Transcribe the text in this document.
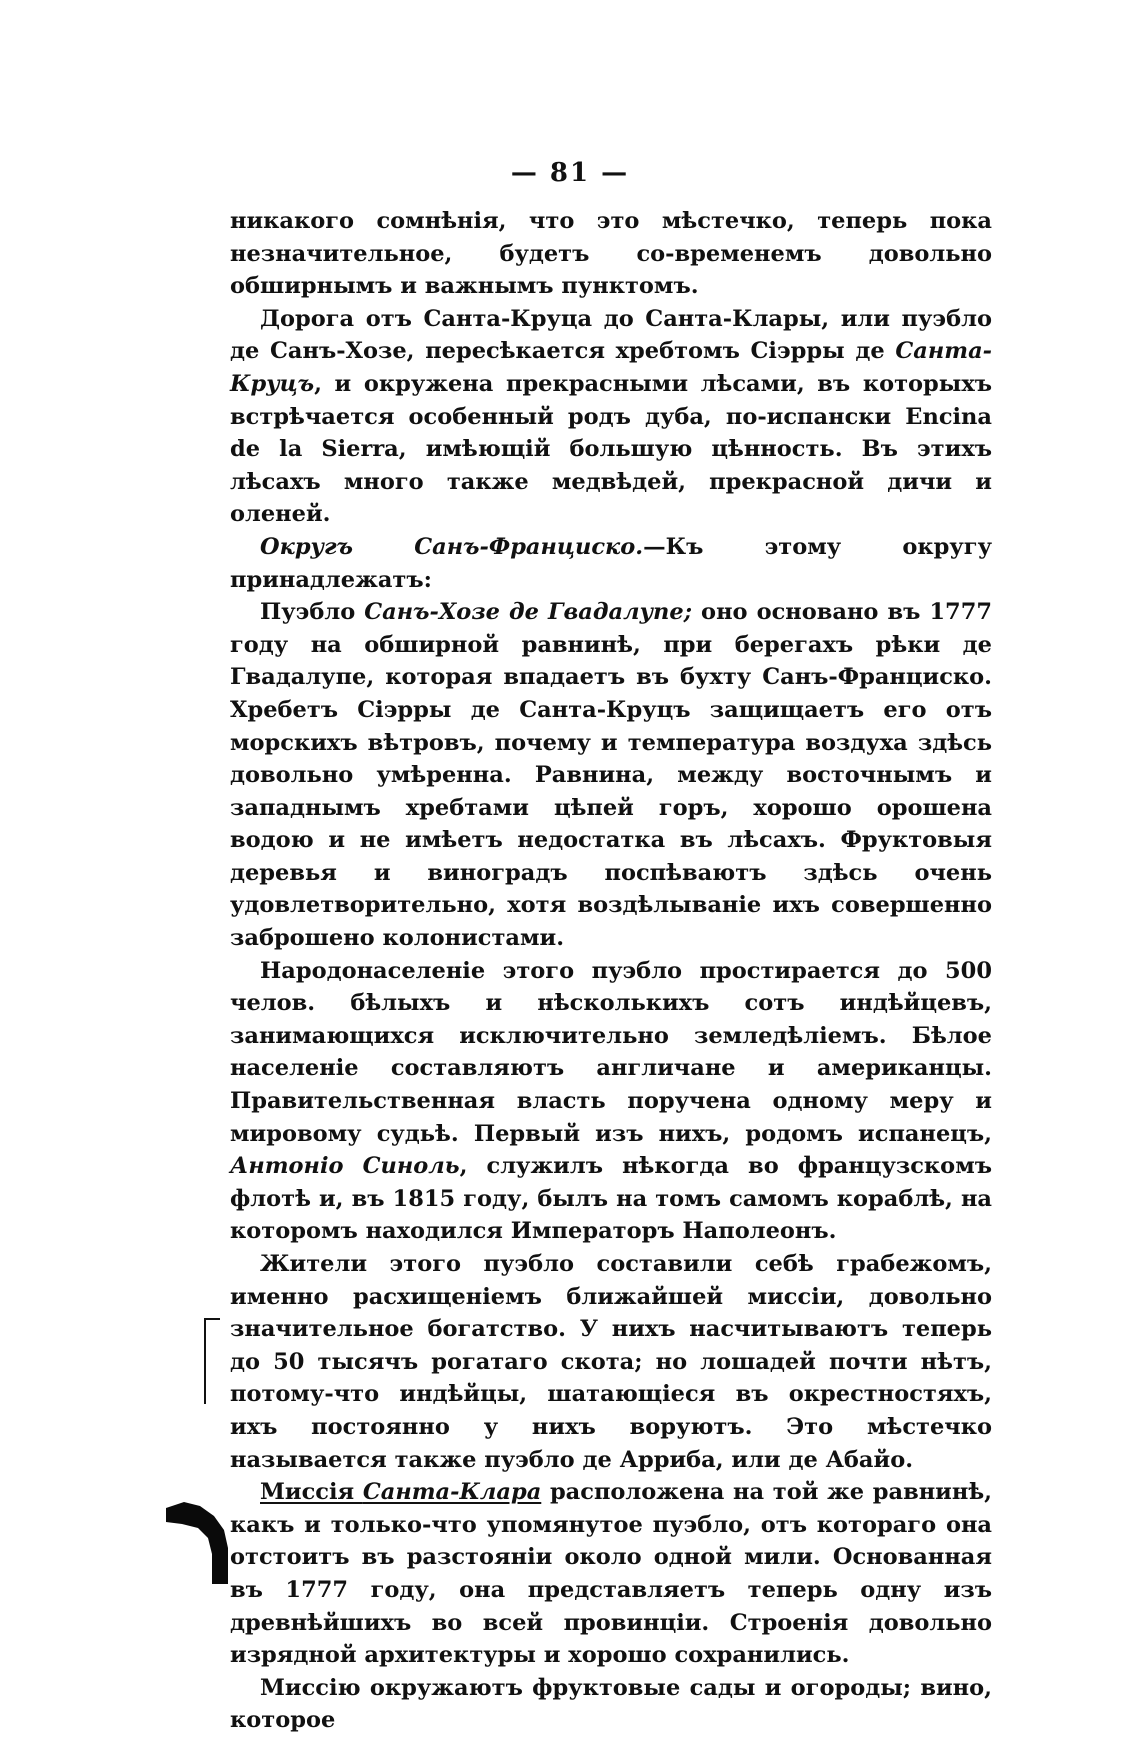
— 81 —

никакого сомнѣнія, что это мѣстечко, теперь пока незначительное, будетъ со-временемъ довольно обширнымъ и важнымъ пунктомъ.

Дорога отъ Санта-Круца до Санта-Клары, или пуэбло де Санъ-Хозе, пересѣкается хребтомъ Сіэрры де Санта-Круцъ, и окружена прекрасными лѣсами, въ которыхъ встрѣчается особенный родъ дуба, по-испански Encina de la Sierra, имѣющій большую цѣнность. Въ этихъ лѣсахъ много также медвѣдей, прекрасной дичи и оленей.

Округъ Санъ-Франциско.—Къ этому округу принадлежатъ:

Пуэбло Санъ-Хозе де Гвадалупе; оно основано въ 1777 году на обширной равнинѣ, при берегахъ рѣки де Гвадалупе, которая впадаетъ въ бухту Санъ-Франциско. Хребетъ Сіэрры де Санта-Круцъ защищаетъ его отъ морскихъ вѣтровъ, почему и температура воздуха здѣсь довольно умѣренна. Равнина, между восточнымъ и западнымъ хребтами цѣпей горъ, хорошо орошена водою и не имѣетъ недостатка въ лѣсахъ. Фруктовыя деревья и виноградъ поспѣваютъ здѣсь очень удовлетворительно, хотя воздѣлываніе ихъ совершенно заброшено колонистами.

Народонаселеніе этого пуэбло простирается до 500 челов. бѣлыхъ и нѣсколькихъ сотъ индѣйцевъ, занимающихся исключительно земледѣліемъ. Бѣлое населеніе составляютъ англичане и американцы. Правительственная власть поручена одному меру и мировому судьѣ. Первый изъ нихъ, родомъ испанецъ, Антоніо Синоль, служилъ нѣкогда во французскомъ флотѣ и, въ 1815 году, былъ на томъ самомъ кораблѣ, на которомъ находился Императоръ Наполеонъ.

Жители этого пуэбло составили себѣ грабежомъ, именно расхищеніемъ ближайшей миссіи, довольно значительное богатство. У нихъ насчитываютъ теперь до 50 тысячъ рогатаго скота; но лошадей почти нѣтъ, потому-что индѣйцы, шатающіеся въ окрестностяхъ, ихъ постоянно у нихъ воруютъ. Это мѣстечко называется также пуэбло де Арриба, или де Абайо.

Миссія Санта-Клара расположена на той же равнинѣ, какъ и только-что упомянутое пуэбло, отъ котораго она отстоитъ въ разстояніи около одной мили. Основанная въ 1777 году, она представляетъ теперь одну изъ древнѣйшихъ во всей провинціи. Строенія довольно изрядной архитектуры и хорошо сохранились.

Миссію окружаютъ фруктовые сады и огороды; вино, которое
